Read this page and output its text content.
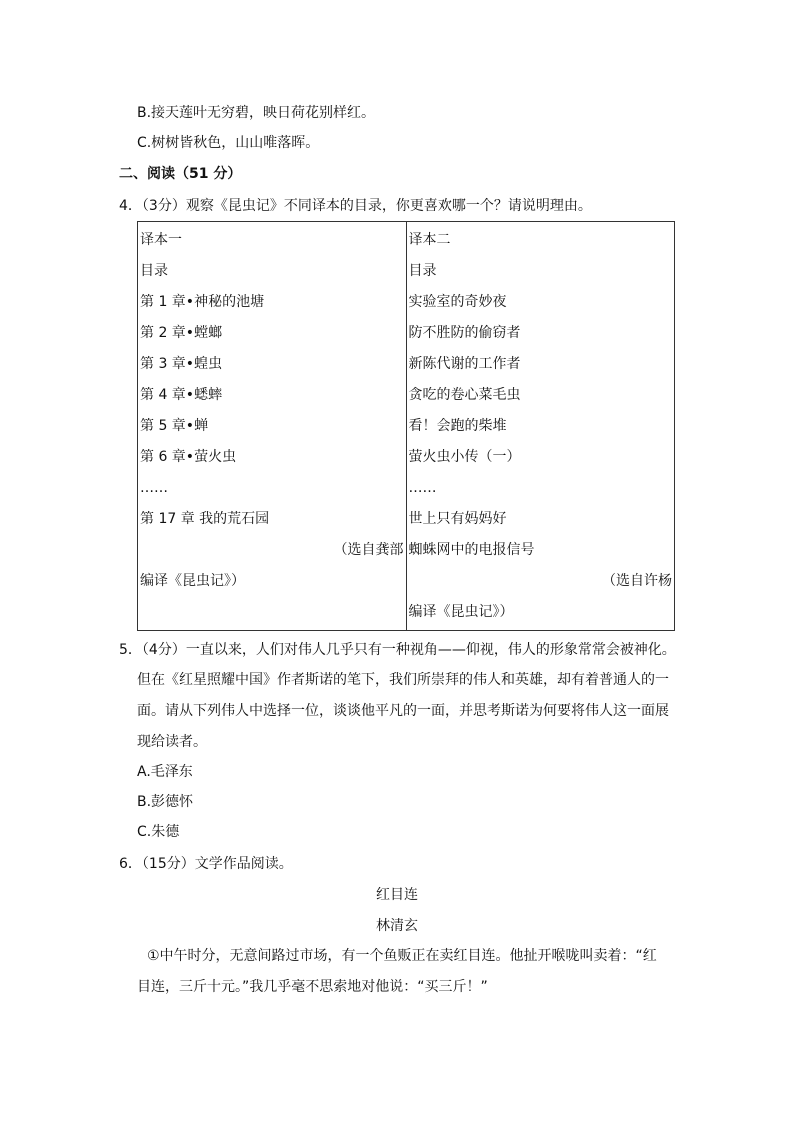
B.接天莲叶无穷碧，映日荷花别样红。
C.树树皆秋色，山山唯落晖。
二、阅读（51 分）
4．（3分）观察《昆虫记》不同译本的目录，你更喜欢哪一个？请说明理由。
译本一
目录
第 1 章•神秘的池塘
第 2 章•螳螂
第 3 章•蝗虫
第 4 章•蟋蟀
第 5 章•蝉
第 6 章•萤火虫
……
第 17 章 我的荒石园
（选自龚部
编译《昆虫记》）

译本二
目录
实验室的奇妙夜
防不胜防的偷窃者
新陈代谢的工作者
贪吃的卷心菜毛虫
看！会跑的柴堆
萤火虫小传（一）
……
世上只有妈妈好
蜘蛛网中的电报信号
（选自许杨
编译《昆虫记》）
5．（4分）一直以来，人们对伟人几乎只有一种视角——仰视，伟人的形象常常会被神化。
但在《红星照耀中国》作者斯诺的笔下，我们所崇拜的伟人和英雄，却有着普通人的一
面。请从下列伟人中选择一位，谈谈他平凡的一面，并思考斯诺为何要将伟人这一面展
现给读者。
A.毛泽东
B.彭德怀
C.朱德
6．（15分）文学作品阅读。
红目连
林清玄
①中午时分，无意间路过市场，有一个鱼贩正在卖红目连。他扯开喉咙叫卖着：“红
目连，三斤十元。”我几乎毫不思索地对他说：“买三斤！”
